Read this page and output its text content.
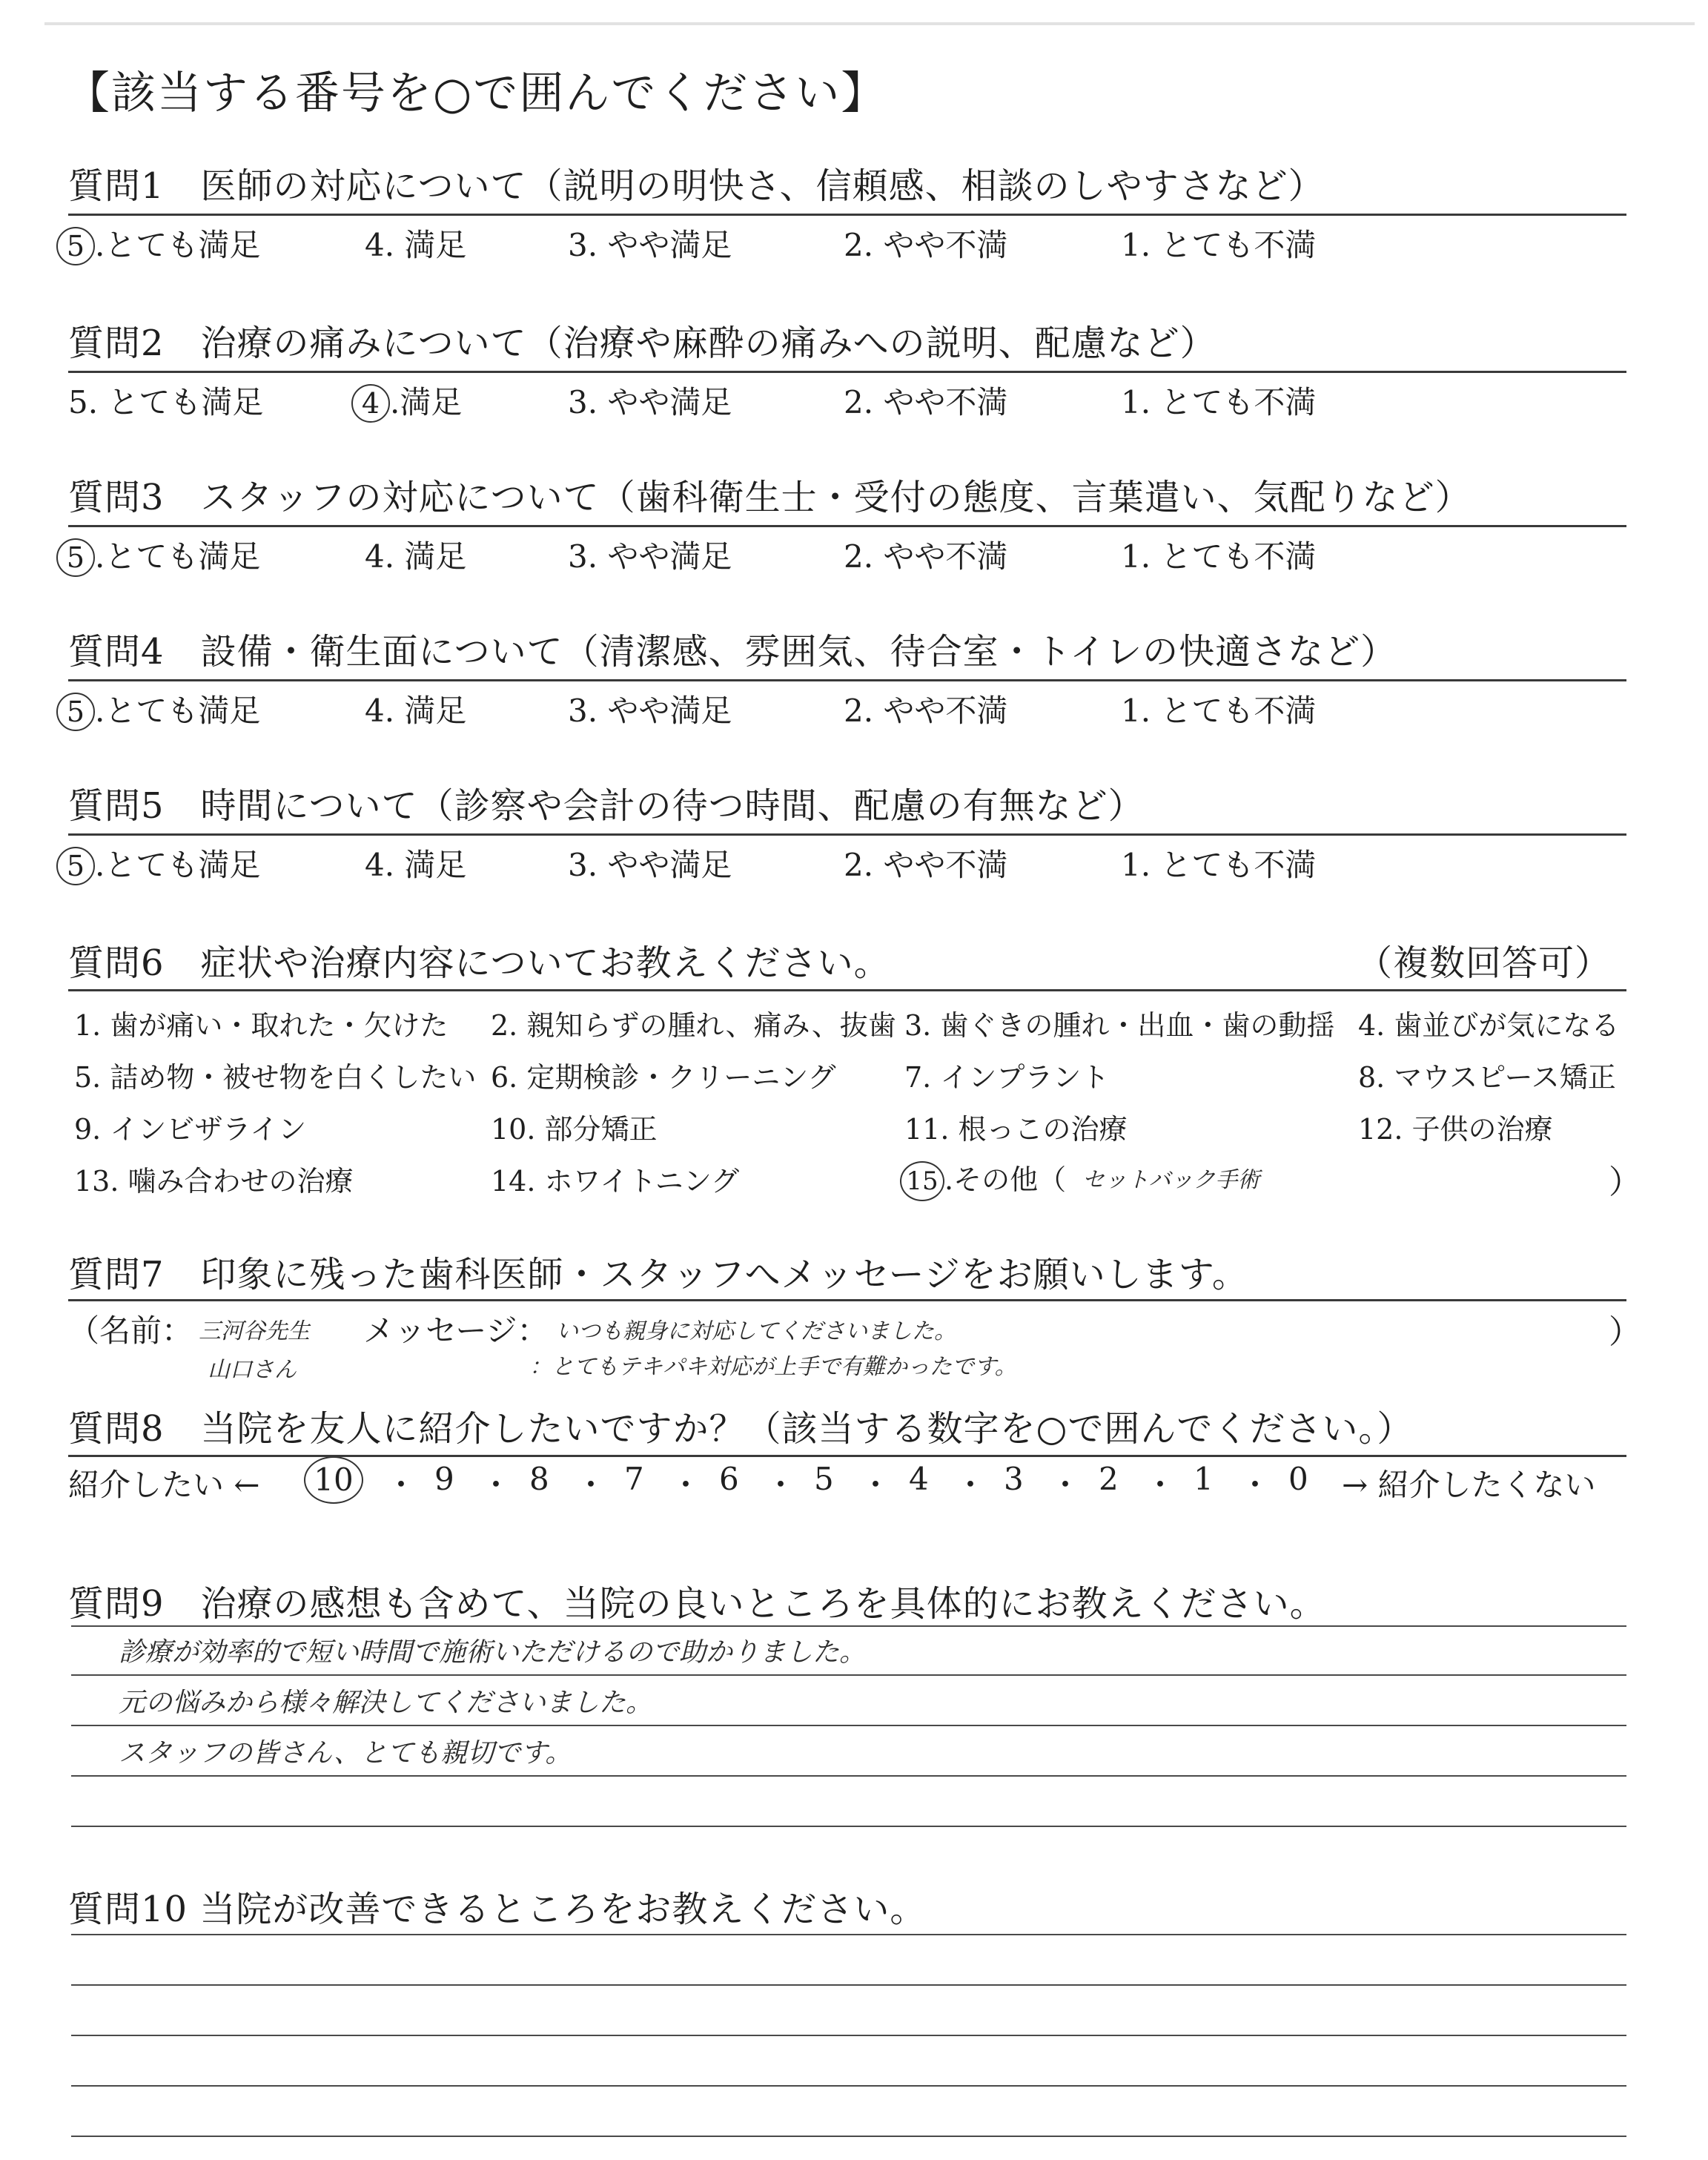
【該当する番号を○で囲んでください】
質問1　医師の対応について（説明の明快さ、信頼感、相談のしやすさなど）
5 .とても満足	4. 満足	3. やや満足	2. やや不満	1. とても不満
質問2　治療の痛みについて（治療や麻酔の痛みへの説明、配慮など）
5. とても満足	4 .満足	3. やや満足	2. やや不満	1. とても不満
質問3　スタッフの対応について（歯科衛生士・受付の態度、言葉遣い、気配りなど）
5 .とても満足	4. 満足	3. やや満足	2. やや不満	1. とても不満
質問4　設備・衛生面について（清潔感、雰囲気、待合室・トイレの快適さなど）
5 .とても満足	4. 満足	3. やや満足	2. やや不満	1. とても不満
質問5　時間について（診察や会計の待つ時間、配慮の有無など）
5 .とても満足	4. 満足	3. やや満足	2. やや不満	1. とても不満
質問6　症状や治療内容についてお教えください。	（複数回答可）
1. 歯が痛い・取れた・欠けた 2. 親知らずの腫れ、痛み、抜歯 3. 歯ぐきの腫れ・出血・歯の動揺 4. 歯並びが気になる
5. 詰め物・被せ物を白くしたい 6. 定期検診・クリーニング 7. インプラント	8. マウスピース矯正
9. インビザライン	10. 部分矯正	11. 根っこの治療	12. 子供の治療
13. 噛み合わせの治療	14. ホワイトニング	15 .その他（ セットバック手術	）
質問7　印象に残った歯科医師・スタッフへメッセージをお願いします。
（名前： 三河谷先生
山口さん
メッセージ： いつも親身に対応してくださいました。
：とてもテキパキ対応が上手で有難かったです。
）
質問8　当院を友人に紹介したいですか？（該当する数字を○で囲んでください。）
紹介したい ←	10	・ 9 ・ 8 ・ 7 ・ 6 ・ 5 ・ 4 ・ 3 ・ 2 ・ 1 ・ 0 → 紹介したくない
質問9　治療の感想も含めて、当院の良いところを具体的にお教えください。
診療が効率的で短い時間で施術いただけるので助かりました。
元の悩みから様々解決してくださいました。
スタッフの皆さん、とても親切です。
質問10 当院が改善できるところをお教えください。
